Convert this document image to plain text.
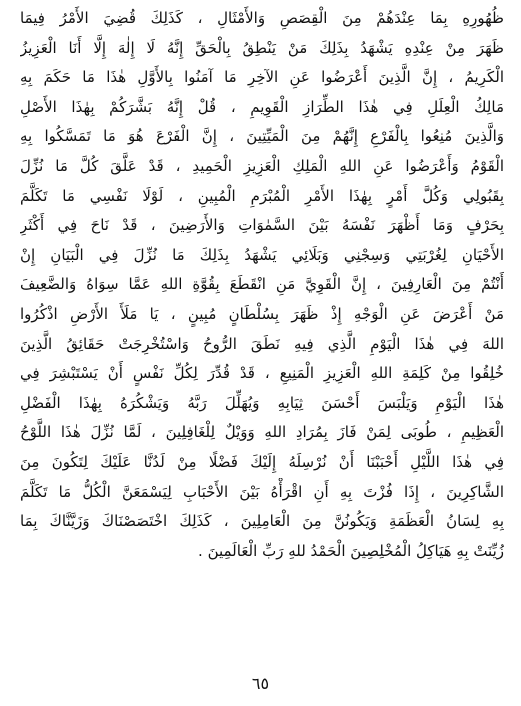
ظُهُورِهِ بِمَا عِنْدَهُمْ مِنَ الْقِصَصِ وَالأَمْثَالِ ، كَذَلِكَ قُضِيَ الأَمْرُ فِيمَا
ظَهَرَ مِنْ عِنْدِهِ يَشْهَدُ بِذَلِكَ مَنْ يَنْطِقُ بِالْحَقِّ إِنَّهُ لَا إِلٰهَ إِلَّا أَنَا الْعَزِيزُ
الْكَرِيمُ ، إِنَّ الَّذِينَ أَعْرَضُوا عَنِ الآخِرِ مَا آمَنُوا بِالأَوَّلِ هٰذَا مَا حَكَمَ بِهِ
مَالِكُ الْعِلَلِ فِي هٰذَا الطِّرَازِ الْقَوِيمِ ، قُلْ إِنَّهُ بَشَّرَكُمْ بِهٰذَا الأَصْلِ
وَالَّذِينَ مُنِعُوا بِالْفَرْعِ إِنَّهُمْ مِنَ الْمَيِّتِينَ ، إِنَّ الْفَرْعَ هُوَ مَا تَمَسَّكُوا بِهِ
الْقَوْمُ وَأَعْرَضُوا عَنِ اللهِ الْمَلِكِ الْعَزِيزِ الْحَمِيدِ ، قَدْ عَلَّقَ كُلَّ مَا نُزِّلَ
بِقَبُولِي وَكُلَّ أَمْرٍ بِهٰذَا الأَمْرِ الْمُبْرَمِ الْمُبِينِ ، لَوْلَا نَفْسِي مَا تَكَلَّمَ
بِحَرْفٍ وَمَا أَظْهَرَ نَفْسَهُ بَيْنَ السَّمٰوَاتِ وَالأَرَضِينَ ، قَدْ نَاحَ فِي أَكْثَرِ
الأَحْيَانِ لِغُرْبَتِي وَسِجْنِي وَبَلَائِي يَشْهَدُ بِذَلِكَ مَا نُزِّلَ فِي الْبَيَانِ إِنْ
أَنْتُمْ مِنَ الْعَارِفِينَ ، إِنَّ الْقَوِيَّ مَنِ انْقَطَعَ بِقُوَّةِ اللهِ عَمَّا سِوَاهُ وَالضَّعِيفَ
مَنْ أَعْرَضَ عَنِ الْوَجْهِ إِذْ ظَهَرَ بِسُلْطَانٍ مُبِينٍ ، يَا مَلَأَ الأَرْضِ اذْكُرُوا
اللهَ فِي هٰذَا الْيَوْمِ الَّذِي فِيهِ نَطَقَ الرُّوحُ وَاسْتُخْرِجَتْ حَقَائِقُ الَّذِينَ
خُلِقُوا مِنْ كَلِمَةِ اللهِ الْعَزِيزِ الْمَنِيعِ ، قَدْ قُدِّرَ لِكُلِّ نَفْسٍ أَنْ يَسْتَبْشِرَ فِي
هٰذَا الْيَوْمِ وَيَلْبَسَ أَحْسَنَ ثِيَابِهِ وَيُهَلِّلَ رَبَّهُ وَيَشْكُرَهُ بِهٰذَا الْفَضْلِ
الْعَظِيمِ ، طُوبَى لِمَنْ فَازَ بِمُرَادِ اللهِ وَوَيْلٌ لِلْغَافِلِينَ ، لَمَّا نُزِّلَ هٰذَا اللَّوْحُ
فِي هٰذَا اللَّيْلِ أَحْبَبْنَا أَنْ نُرْسِلَهُ إِلَيْكَ فَضْلًا مِنْ لَدُنَّا عَلَيْكَ لِتَكُونَ مِنَ
الشَّاكِرِينَ ، إِذَا فُزْتَ بِهِ أَنِ اقْرَأْهُ بَيْنَ الأَحْبَابِ لِيَسْمَعَنَّ الْكُلُّ مَا تَكَلَّمَ
بِهِ لِسَانُ الْعَظَمَةِ وَيَكُونُنَّ مِنَ الْعَامِلِينَ ، كَذَلِكَ اخْتَصَصْنَاكَ وَزَيَّنَّاكَ بِمَا
زُيِّنَتْ بِهِ هَيَاكِلُ الْمُخْلِصِينَ الْحَمْدُ للهِ رَبِّ الْعَالَمِينَ .
٦٥
